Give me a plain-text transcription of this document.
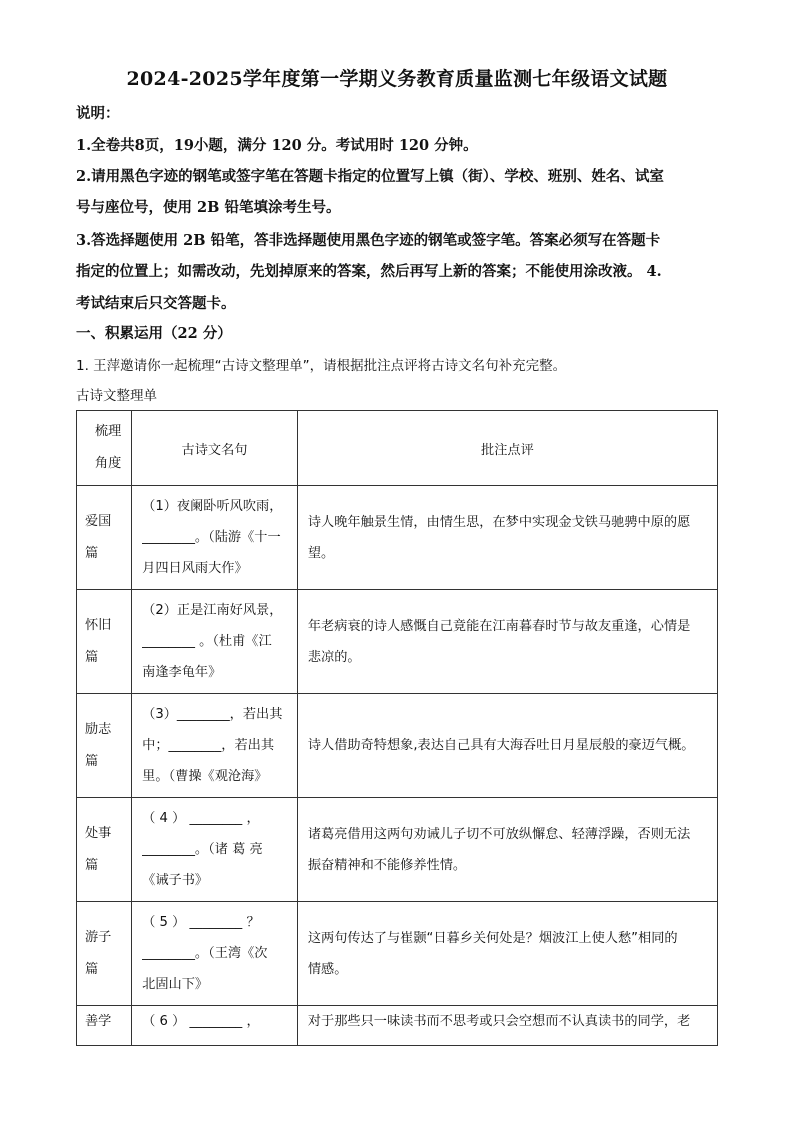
2024-2025学年度第一学期义务教育质量监测七年级语文试题
说明：
1.全卷共8页，19小题，满分 120 分。考试用时 120 分钟。
2.请用黑色字迹的钢笔或签字笔在答题卡指定的位置写上镇（街）、学校、班别、姓名、试室
号与座位号，使用 2B 铅笔填涂考生号。
3.答选择题使用 2B 铅笔，答非选择题使用黑色字迹的钢笔或签字笔。答案必须写在答题卡
指定的位置上；如需改动，先划掉原来的答案，然后再写上新的答案；不能使用涂改液。 4.
考试结束后只交答题卡。
一、积累运用（22 分）
1. 王萍邀请你一起梳理“古诗文整理单”，请根据批注点评将古诗文名句补充完整。
古诗文整理单
梳理
角度	古诗文名句	批注点评

爱国
篇	（1）夜阑卧听风吹雨，
________。（陆游《十一
月四日风雨大作》	诗人晚年触景生情，由情生思，在梦中实现金戈铁马驰骋中原的愿
望。

怀旧
篇	（2）正是江南好风景，
________ 。（杜甫《江
南逢李龟年》	年老病衰的诗人感慨自己竟能在江南暮春时节与故友重逢，心情是
悲凉的。

励志
篇	（3）________，若出其
中；________，若出其
里。（曹操《观沧海》	诗人借助奇特想象,表达自己具有大海吞吐日月星辰般的豪迈气概。

处事
篇	（ 4 ） ________ ，
________。（诸 葛 亮
《诫子书》	诸葛亮借用这两句劝诫儿子切不可放纵懈怠、轻薄浮躁，否则无法
振奋精神和不能修养性情。

游子
篇	（ 5 ） ________ ？
________。（王湾《次
北固山下》	这两句传达了与崔颢“日暮乡关何处是？烟波江上使人愁”相同的
情感。

善学	（ 6 ） ________ ，	对于那些只一味读书而不思考或只会空想而不认真读书的同学，老
